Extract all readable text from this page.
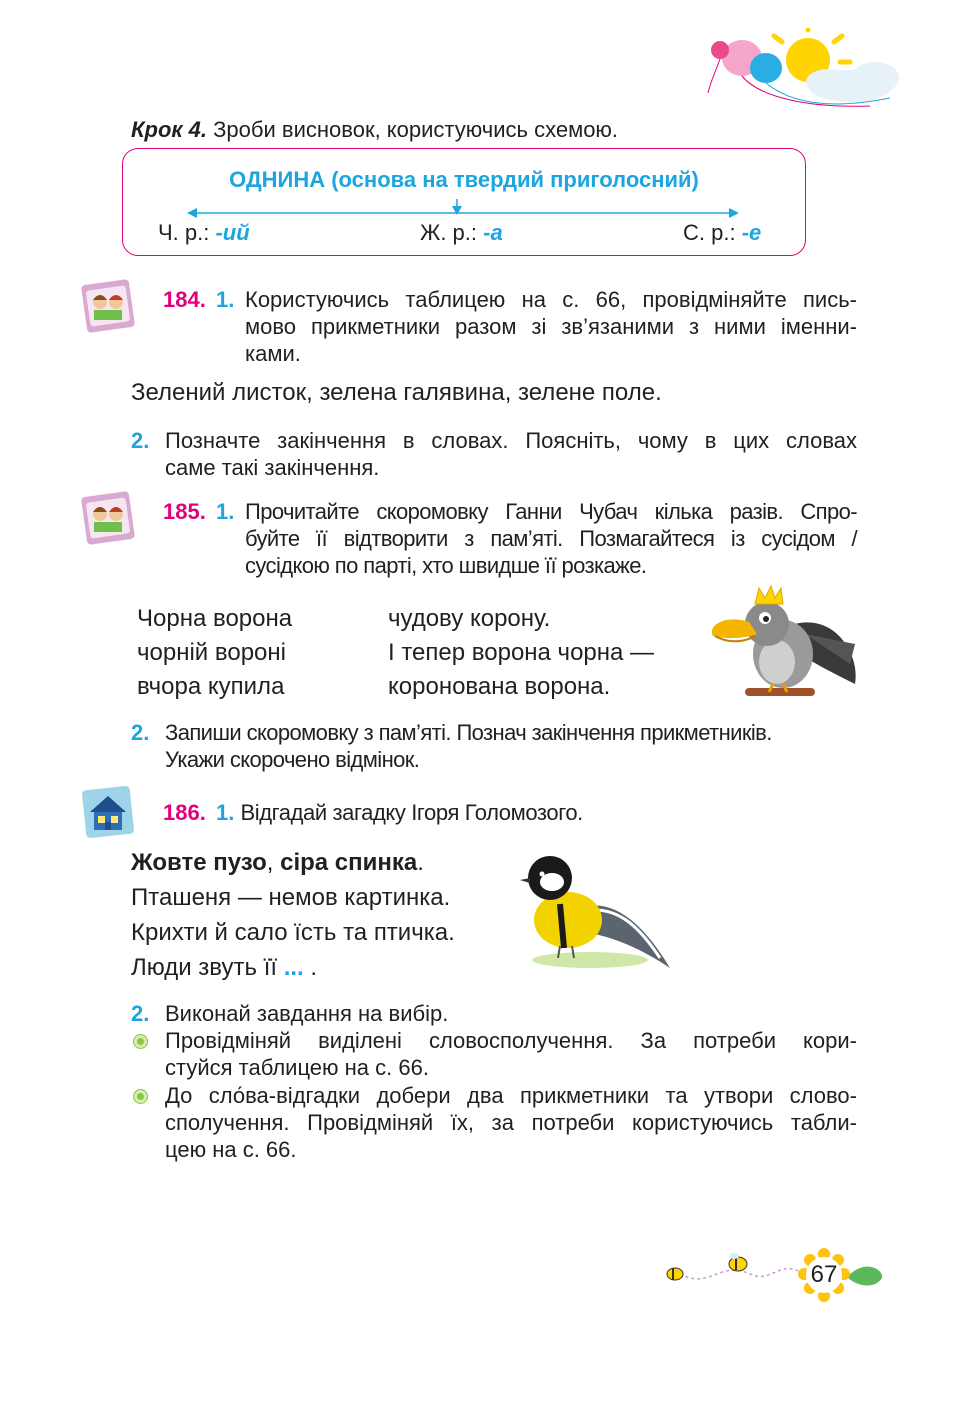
Крок 4. Зроби висновок, користуючись схемою.
ОДНИНА (основа на твердий приголосний)
Ч. р.: -ий	Ж. р.: -а	С. р.: -е
184. 1. Користуючись таблицею на с. 66, провідміняйте пись-
мово прикметники разом зі зв’язаними з ними іменни-
ками.
Зелений листок, зелена галявина, зелене поле.
2. Позначте закінчення в словах. Поясніть, чому в цих словах
саме такі закінчення.
185. 1. Прочитайте скоромовку Ганни Чубач кілька разів. Спро-
буйте її відтворити з пам’яті. Позмагайтеся із сусідом /
сусідкою по парті, хто швидше її розкаже.
Чорна ворона
чорній вороні
вчора купила
чудову корону.
І тепер ворона чорна —
коронована ворона.
2. Запиши скоромовку з пам’яті. Познач закінчення прикметників.
Укажи скорочено відмінок.
186. 1. Відгадай загадку Ігоря Голомозого.
Жовте пузо, сіра спинка.
Пташеня — немов картинка.
Крихти й сало їсть та птичка.
Люди звуть її ... .
2. Виконай завдання на вибір.
Провідміняй виділені словосполучення. За потреби кори-
стуйся таблицею на с. 66.
До сло́ва-відгадки добери два прикметники та утвори слово-
сполучення. Провідміняй їх, за потреби користуючись табли-
цею на с. 66.
67
